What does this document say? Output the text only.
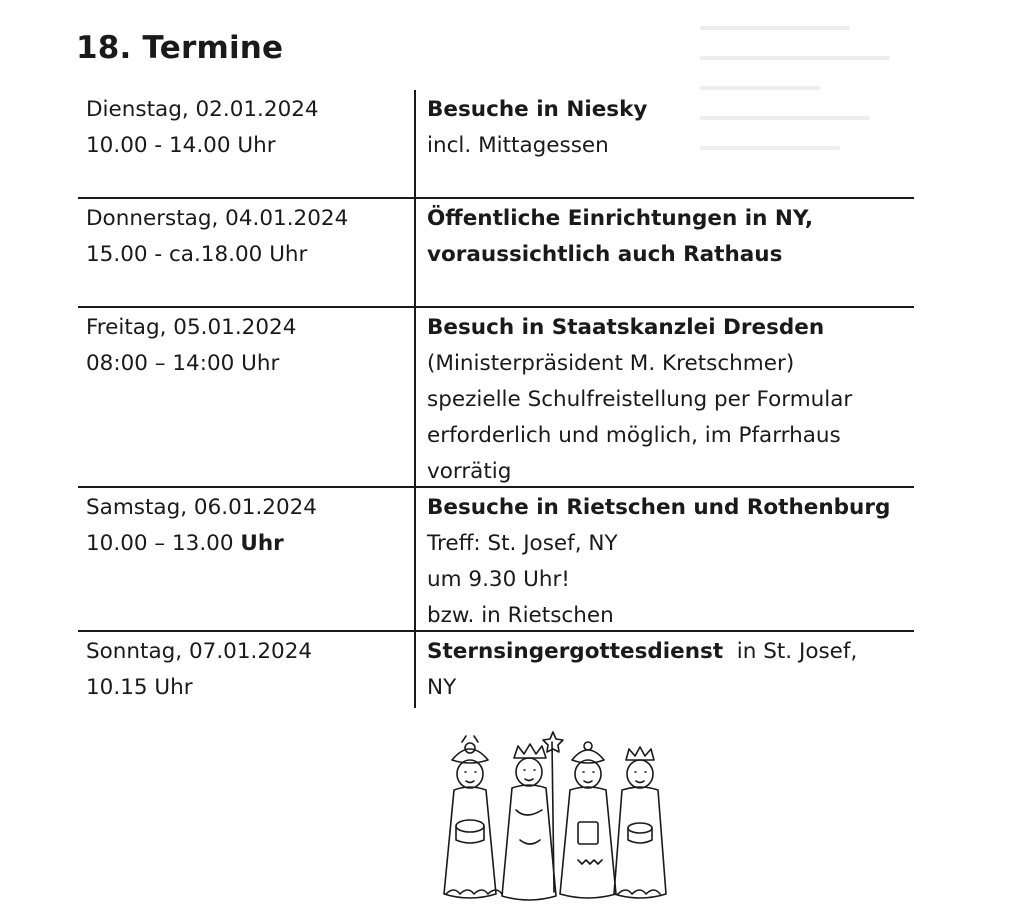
18. Termine
Dienstag, 02.01.2024
10.00 - 14.00 Uhr
Besuche in Niesky
incl. Mittagessen
Donnerstag, 04.01.2024
15.00 - ca.18.00 Uhr
Öffentliche Einrichtungen in NY,
voraussichtlich auch Rathaus
Freitag, 05.01.2024
08:00 – 14:00 Uhr
Besuch in Staatskanzlei Dresden
(Ministerpräsident M. Kretschmer)
spezielle Schulfreistellung per Formular
erforderlich und möglich, im Pfarrhaus
vorrätig
Samstag, 06.01.2024
10.00 – 13.00 Uhr
Besuche in Rietschen und Rothenburg
Treff: St. Josef, NY
um 9.30 Uhr!
bzw. in Rietschen
Sonntag, 07.01.2024
10.15 Uhr
Sternsingergottesdienst  in St. Josef,
NY
